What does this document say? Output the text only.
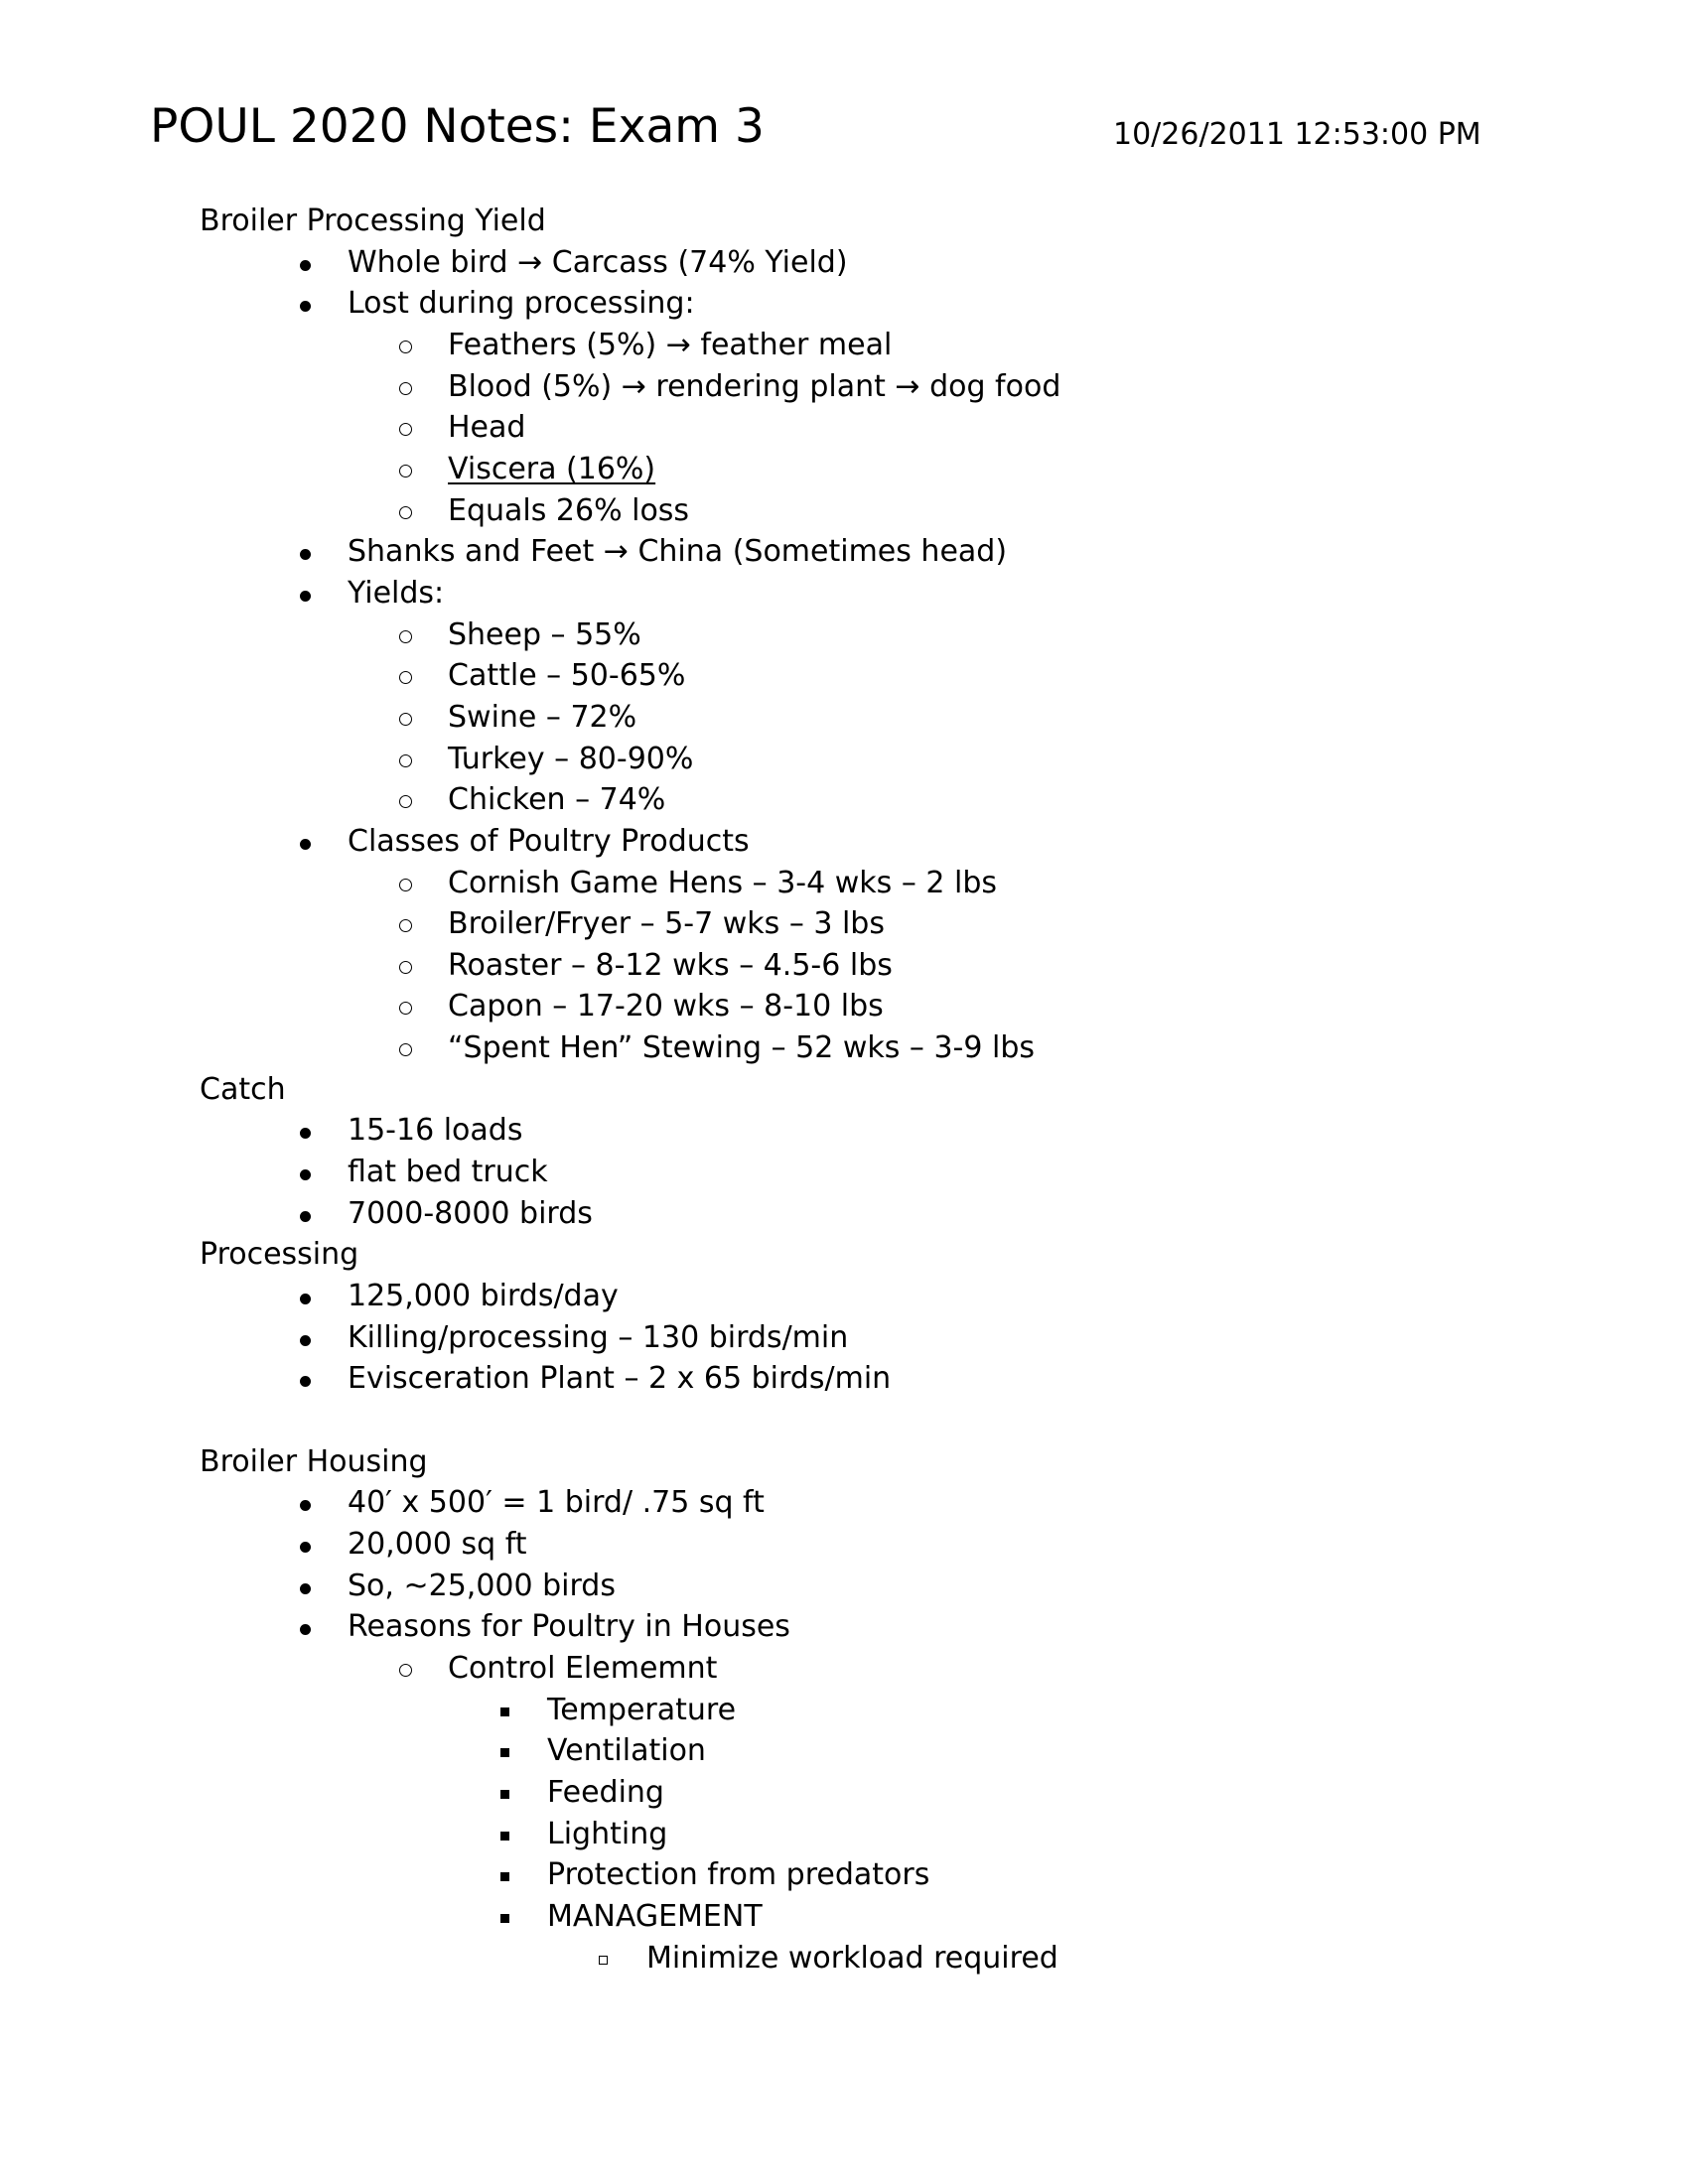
POUL 2020 Notes: Exam 3	10/26/2011 12:53:00 PM
Broiler Processing Yield
Whole bird → Carcass (74% Yield)
Lost during processing:
Feathers (5%) → feather meal
Blood (5%) → rendering plant → dog food
Head
Viscera (16%)
Equals 26% loss
Shanks and Feet → China (Sometimes head)
Yields:
Sheep – 55%
Cattle – 50-65%
Swine – 72%
Turkey – 80-90%
Chicken – 74%
Classes of Poultry Products
Cornish Game Hens – 3-4 wks – 2 lbs
Broiler/Fryer – 5-7 wks – 3 lbs
Roaster – 8-12 wks – 4.5-6 lbs
Capon – 17-20 wks – 8-10 lbs
“Spent Hen” Stewing – 52 wks – 3-9 lbs
Catch
15-16 loads
flat bed truck
7000-8000 birds
Processing
125,000 birds/day
Killing/processing – 130 birds/min
Evisceration Plant – 2 x 65 birds/min
Broiler Housing
40′ x 500′ = 1 bird/ .75 sq ft
20,000 sq ft
So, ~25,000 birds
Reasons for Poultry in Houses
Control Elememnt
Temperature
Ventilation
Feeding
Lighting
Protection from predators
MANAGEMENT
Minimize workload required
